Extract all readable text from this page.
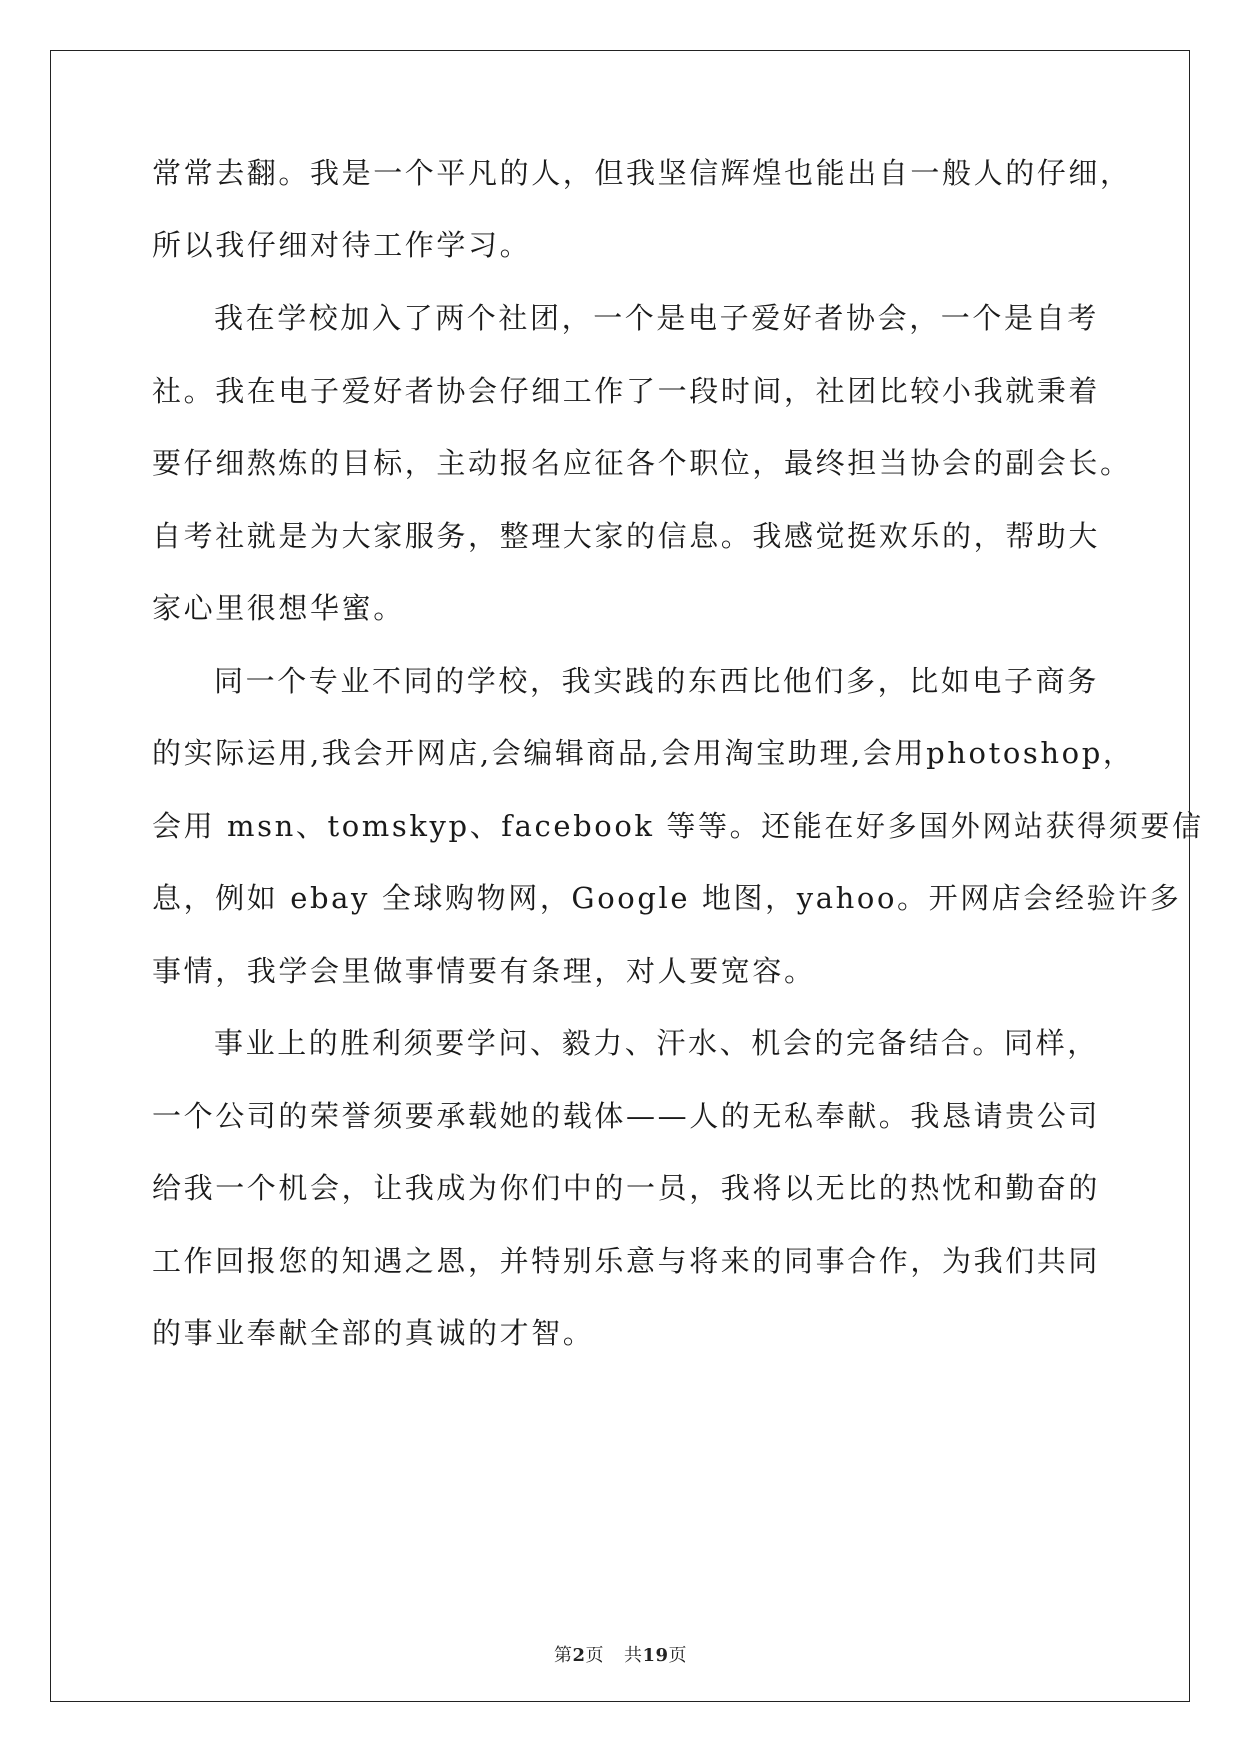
常常去翻。我是一个平凡的人，但我坚信辉煌也能出自一般人的仔细，
所以我仔细对待工作学习。
我在学校加入了两个社团，一个是电子爱好者协会，一个是自考
社。我在电子爱好者协会仔细工作了一段时间，社团比较小我就秉着
要仔细熬炼的目标，主动报名应征各个职位，最终担当协会的副会长。
自考社就是为大家服务，整理大家的信息。我感觉挺欢乐的，帮助大
家心里很想华蜜。
同一个专业不同的学校，我实践的东西比他们多，比如电子商务
的实际运用,我会开网店,会编辑商品,会用淘宝助理,会用photoshop，
会用 msn、tomskyp、facebook 等等。还能在好多国外网站获得须要信
息，例如 ebay 全球购物网，Google 地图，yahoo。开网店会经验许多
事情，我学会里做事情要有条理，对人要宽容。
事业上的胜利须要学问、毅力、汗水、机会的完备结合。同样，
一个公司的荣誉须要承载她的载体——人的无私奉献。我恳请贵公司
给我一个机会，让我成为你们中的一员，我将以无比的热忱和勤奋的
工作回报您的知遇之恩，并特别乐意与将来的同事合作，为我们共同
的事业奉献全部的真诚的才智。
第2页 共19页
